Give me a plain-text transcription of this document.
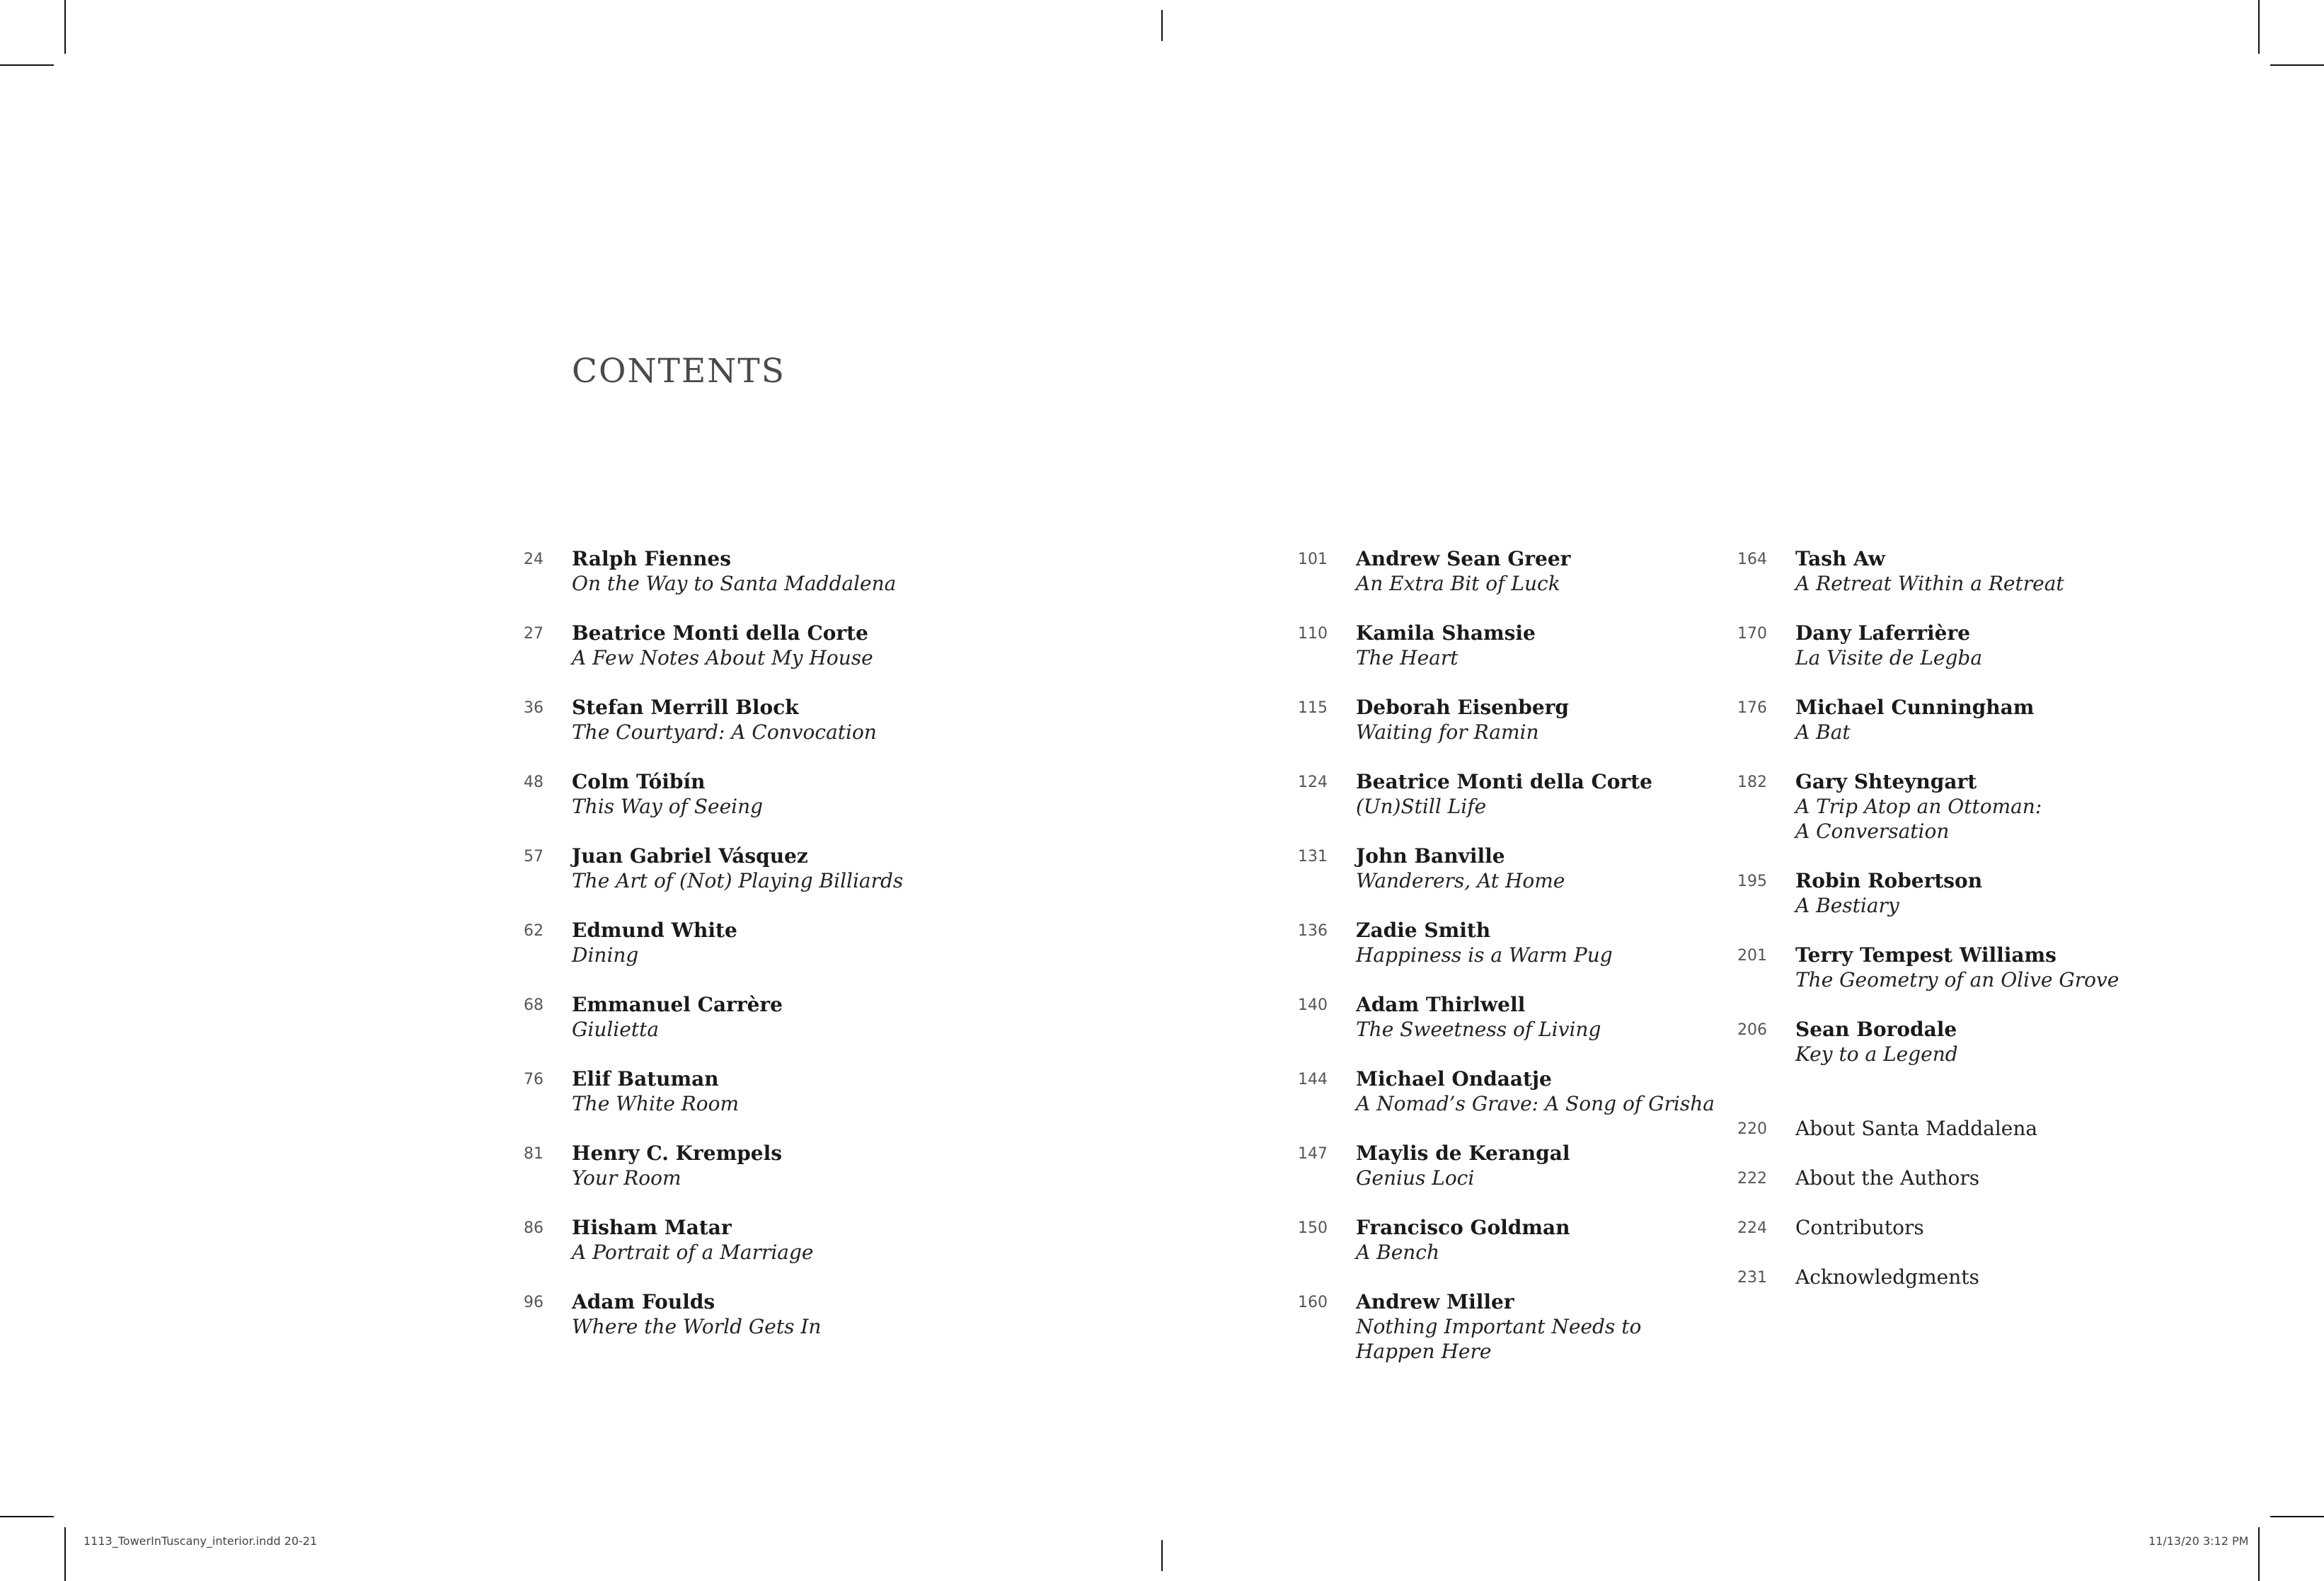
CONTENTS
24 Ralph Fiennes
On the Way to Santa Maddalena
27 Beatrice Monti della Corte
A Few Notes About My House
36 Stefan Merrill Block
The Courtyard: A Convocation
48 Colm Tóibín
This Way of Seeing
57 Juan Gabriel Vásquez
The Art of (Not) Playing Billiards
62 Edmund White
Dining
68 Emmanuel Carrère
Giulietta
76 Elif Batuman
The White Room
81 Henry C. Krempels
Your Room
86 Hisham Matar
A Portrait of a Marriage
96 Adam Foulds
Where the World Gets In
101 Andrew Sean Greer
An Extra Bit of Luck
110 Kamila Shamsie
The Heart
115 Deborah Eisenberg
Waiting for Ramin
124 Beatrice Monti della Corte
(Un)Still Life
131 John Banville
Wanderers, At Home
136 Zadie Smith
Happiness is a Warm Pug
140 Adam Thirlwell
The Sweetness of Living
144 Michael Ondaatje
A Nomad’s Grave: A Song of Grisha
147 Maylis de Kerangal
Genius Loci
150 Francisco Goldman
A Bench
160 Andrew Miller
Nothing Important Needs to
Happen Here
164 Tash Aw
A Retreat Within a Retreat
170 Dany Laferrière
La Visite de Legba
176 Michael Cunningham
A Bat
182 Gary Shteyngart
A Trip Atop an Ottoman:
A Conversation
195 Robin Robertson
A Bestiary
201 Terry Tempest Williams
The Geometry of an Olive Grove
206 Sean Borodale
Key to a Legend
220 About Santa Maddalena
222 About the Authors
224 Contributors
231 Acknowledgments
1113_TowerInTuscany_interior.indd 20-21	11/13/20 3:12 PM
